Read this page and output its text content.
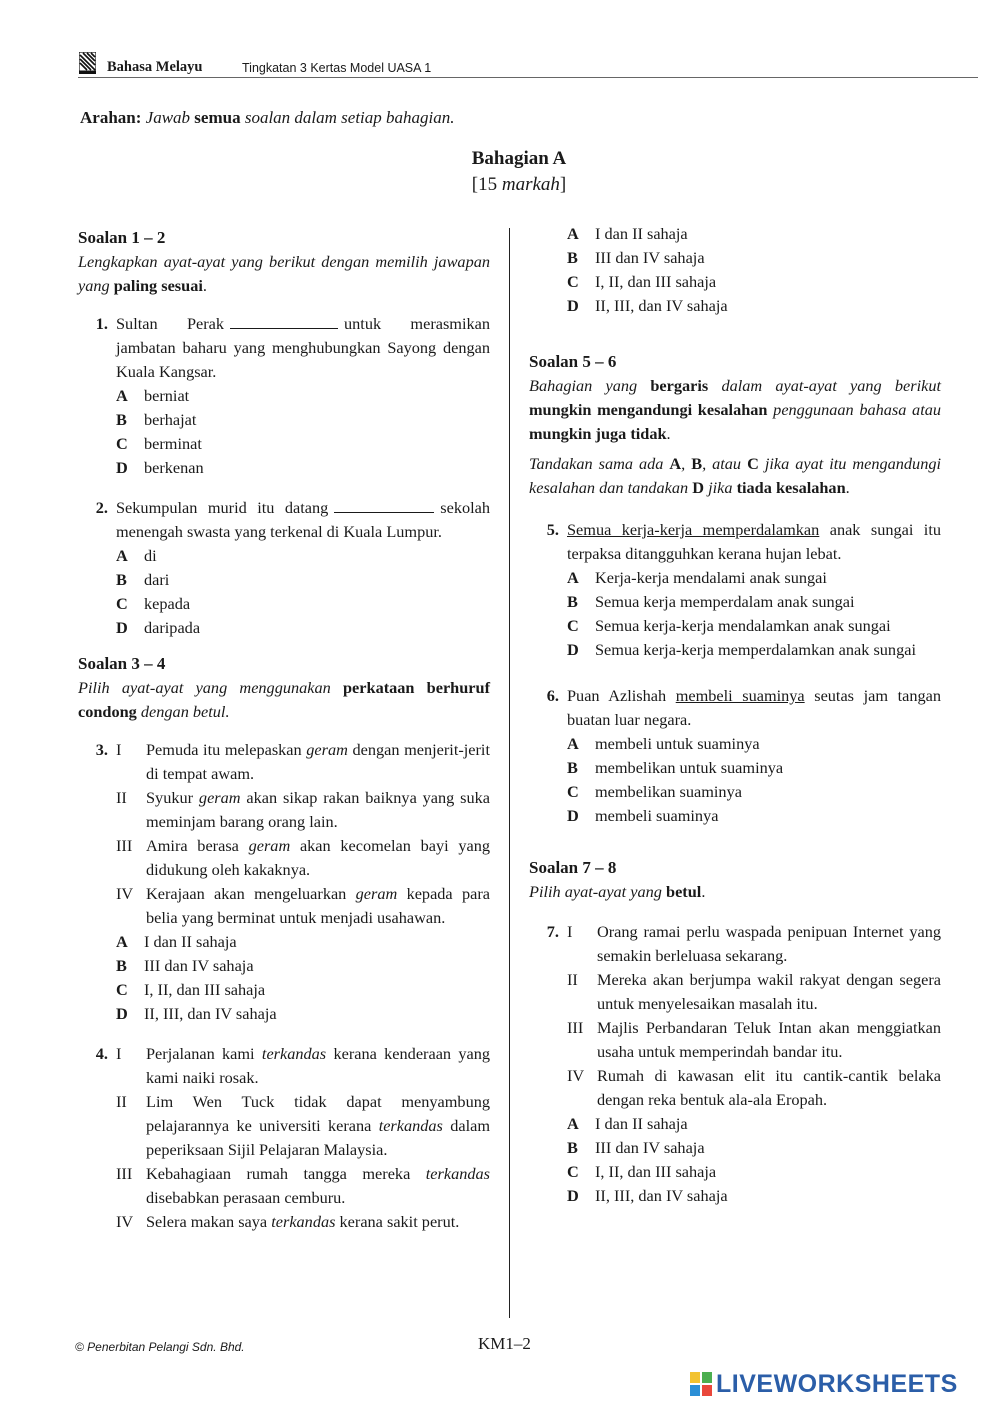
Bahasa Melayu	Tingkatan 3 Kertas Model UASA 1
Arahan: Jawab semua soalan dalam setiap bahagian.
Bahagian A
[15 markah]
Soalan 1 – 2
Lengkapkan ayat-ayat yang berikut dengan memilih jawapan yang paling sesuai.
1. Sultan Perak	untuk merasmikan jambatan baharu yang menghubungkan Sayong dengan Kuala Kangsar.
A berniat
B	berhajat
C berminat
D berkenan
2. Sekumpulan murid itu datang	sekolah menengah swasta yang terkenal di Kuala Lumpur.
A di
B	dari
C kepada
D daripada
Soalan 3 – 4
Pilih ayat-ayat yang menggunakan perkataan berhuruf condong dengan betul.
3. I	Pemuda itu melepaskan geram dengan menjerit-jerit di tempat awam.
II	Syukur geram akan sikap rakan baiknya yang suka meminjam barang orang lain.
III Amira berasa geram akan kecomelan bayi yang didukung oleh kakaknya.
IV Kerajaan akan mengeluarkan geram kepada para belia yang berminat untuk menjadi usahawan.
A I dan II sahaja
B	III dan IV sahaja
C I, II, dan III sahaja
D II, III, dan IV sahaja
4. I	Perjalanan kami terkandas kerana kenderaan yang kami naiki rosak.
II	Lim Wen Tuck tidak dapat menyambung pelajarannya ke universiti kerana terkandas dalam peperiksaan Sijil Pelajaran Malaysia.
III Kebahagiaan rumah tangga mereka terkandas disebabkan perasaan cemburu.
IV Selera makan saya terkandas kerana sakit perut.
A I dan II sahaja
B	III dan IV sahaja
C I, II, dan III sahaja
D II, III, dan IV sahaja
Soalan 5 – 6
Bahagian yang bergaris dalam ayat-ayat yang berikut mungkin mengandungi kesalahan penggunaan bahasa atau mungkin juga tidak.
Tandakan sama ada A, B, atau C jika ayat itu mengandungi kesalahan dan tandakan D jika tiada kesalahan.
5. Semua kerja-kerja memperdalamkan anak sungai itu terpaksa ditangguhkan kerana hujan lebat.
A Kerja-kerja mendalami anak sungai
B	Semua kerja memperdalam anak sungai
C Semua kerja-kerja mendalamkan anak sungai
D Semua kerja-kerja memperdalamkan anak sungai
6. Puan Azlishah membeli suaminya seutas jam tangan buatan luar negara.
A membeli untuk suaminya
B	membelikan untuk suaminya
C membelikan suaminya
D membeli suaminya
Soalan 7 – 8
Pilih ayat-ayat yang betul.
7. I	Orang ramai perlu waspada penipuan Internet yang semakin berleluasa sekarang.
II	Mereka akan berjumpa wakil rakyat dengan segera untuk menyelesaikan masalah itu.
III Majlis Perbandaran Teluk Intan akan menggiatkan usaha untuk memperindah bandar itu.
IV Rumah di kawasan elit itu cantik-cantik belaka dengan reka bentuk ala-ala Eropah.
A I dan II sahaja
B	III dan IV sahaja
C I, II, dan III sahaja
D II, III, dan IV sahaja
© Penerbitan Pelangi Sdn. Bhd.	KM1–2
LIVEWORKSHEETS
